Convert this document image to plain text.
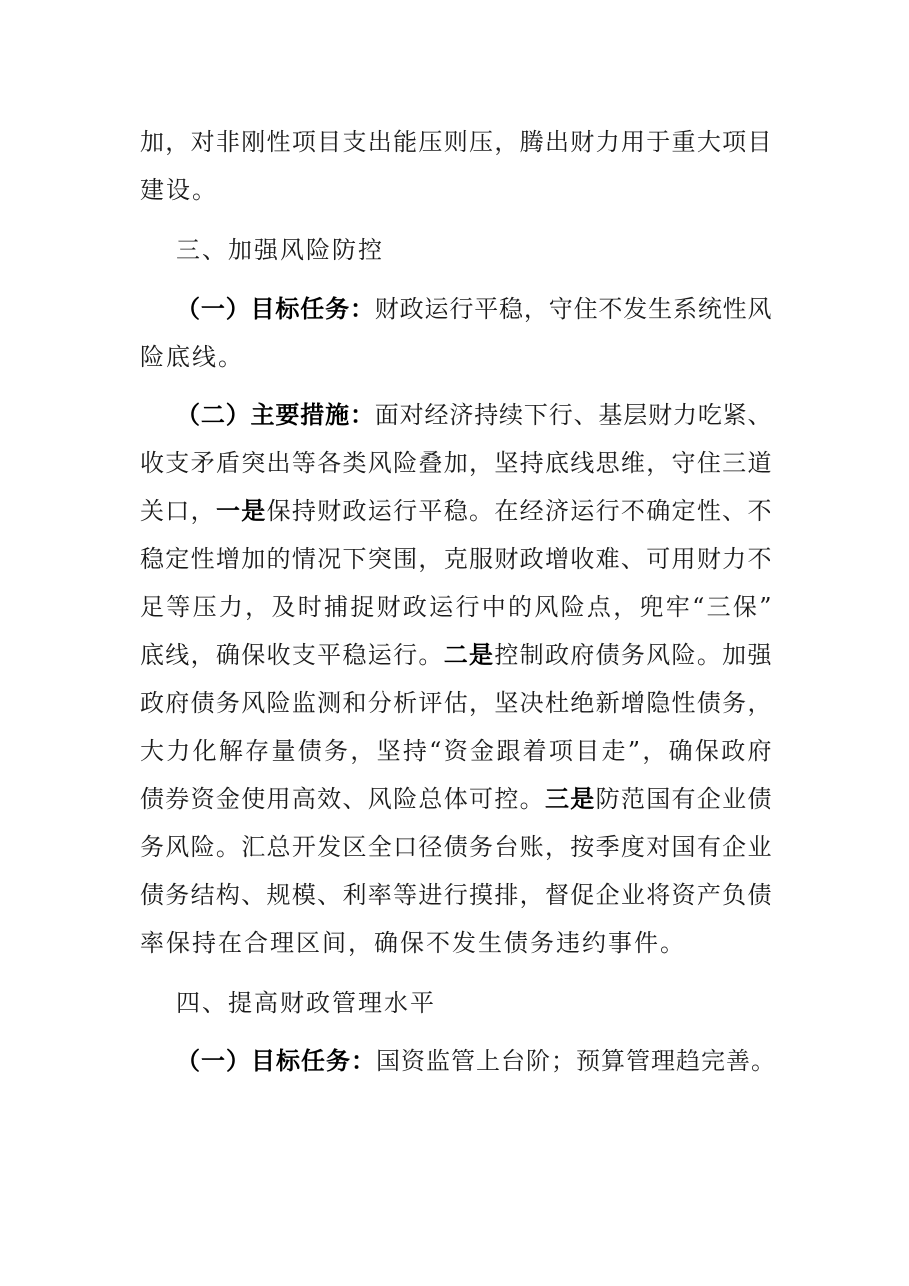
加，对非刚性项目支出能压则压，腾出财力用于重大项目
建设。
三、加强风险防控
（一）目标任务：财政运行平稳，守住不发生系统性风
险底线。
（二）主要措施：面对经济持续下行、基层财力吃紧、
收支矛盾突出等各类风险叠加，坚持底线思维，守住三道
关口，一是保持财政运行平稳。在经济运行不确定性、不
稳定性增加的情况下突围，克服财政增收难、可用财力不
足等压力，及时捕捉财政运行中的风险点，兜牢“三保”
底线，确保收支平稳运行。二是控制政府债务风险。加强
政府债务风险监测和分析评估，坚决杜绝新增隐性债务，
大力化解存量债务，坚持“资金跟着项目走”，确保政府
债券资金使用高效、风险总体可控。三是防范国有企业债
务风险。汇总开发区全口径债务台账，按季度对国有企业
债务结构、规模、利率等进行摸排，督促企业将资产负债
率保持在合理区间，确保不发生债务违约事件。
四、提高财政管理水平
（一）目标任务：国资监管上台阶；预算管理趋完善。
